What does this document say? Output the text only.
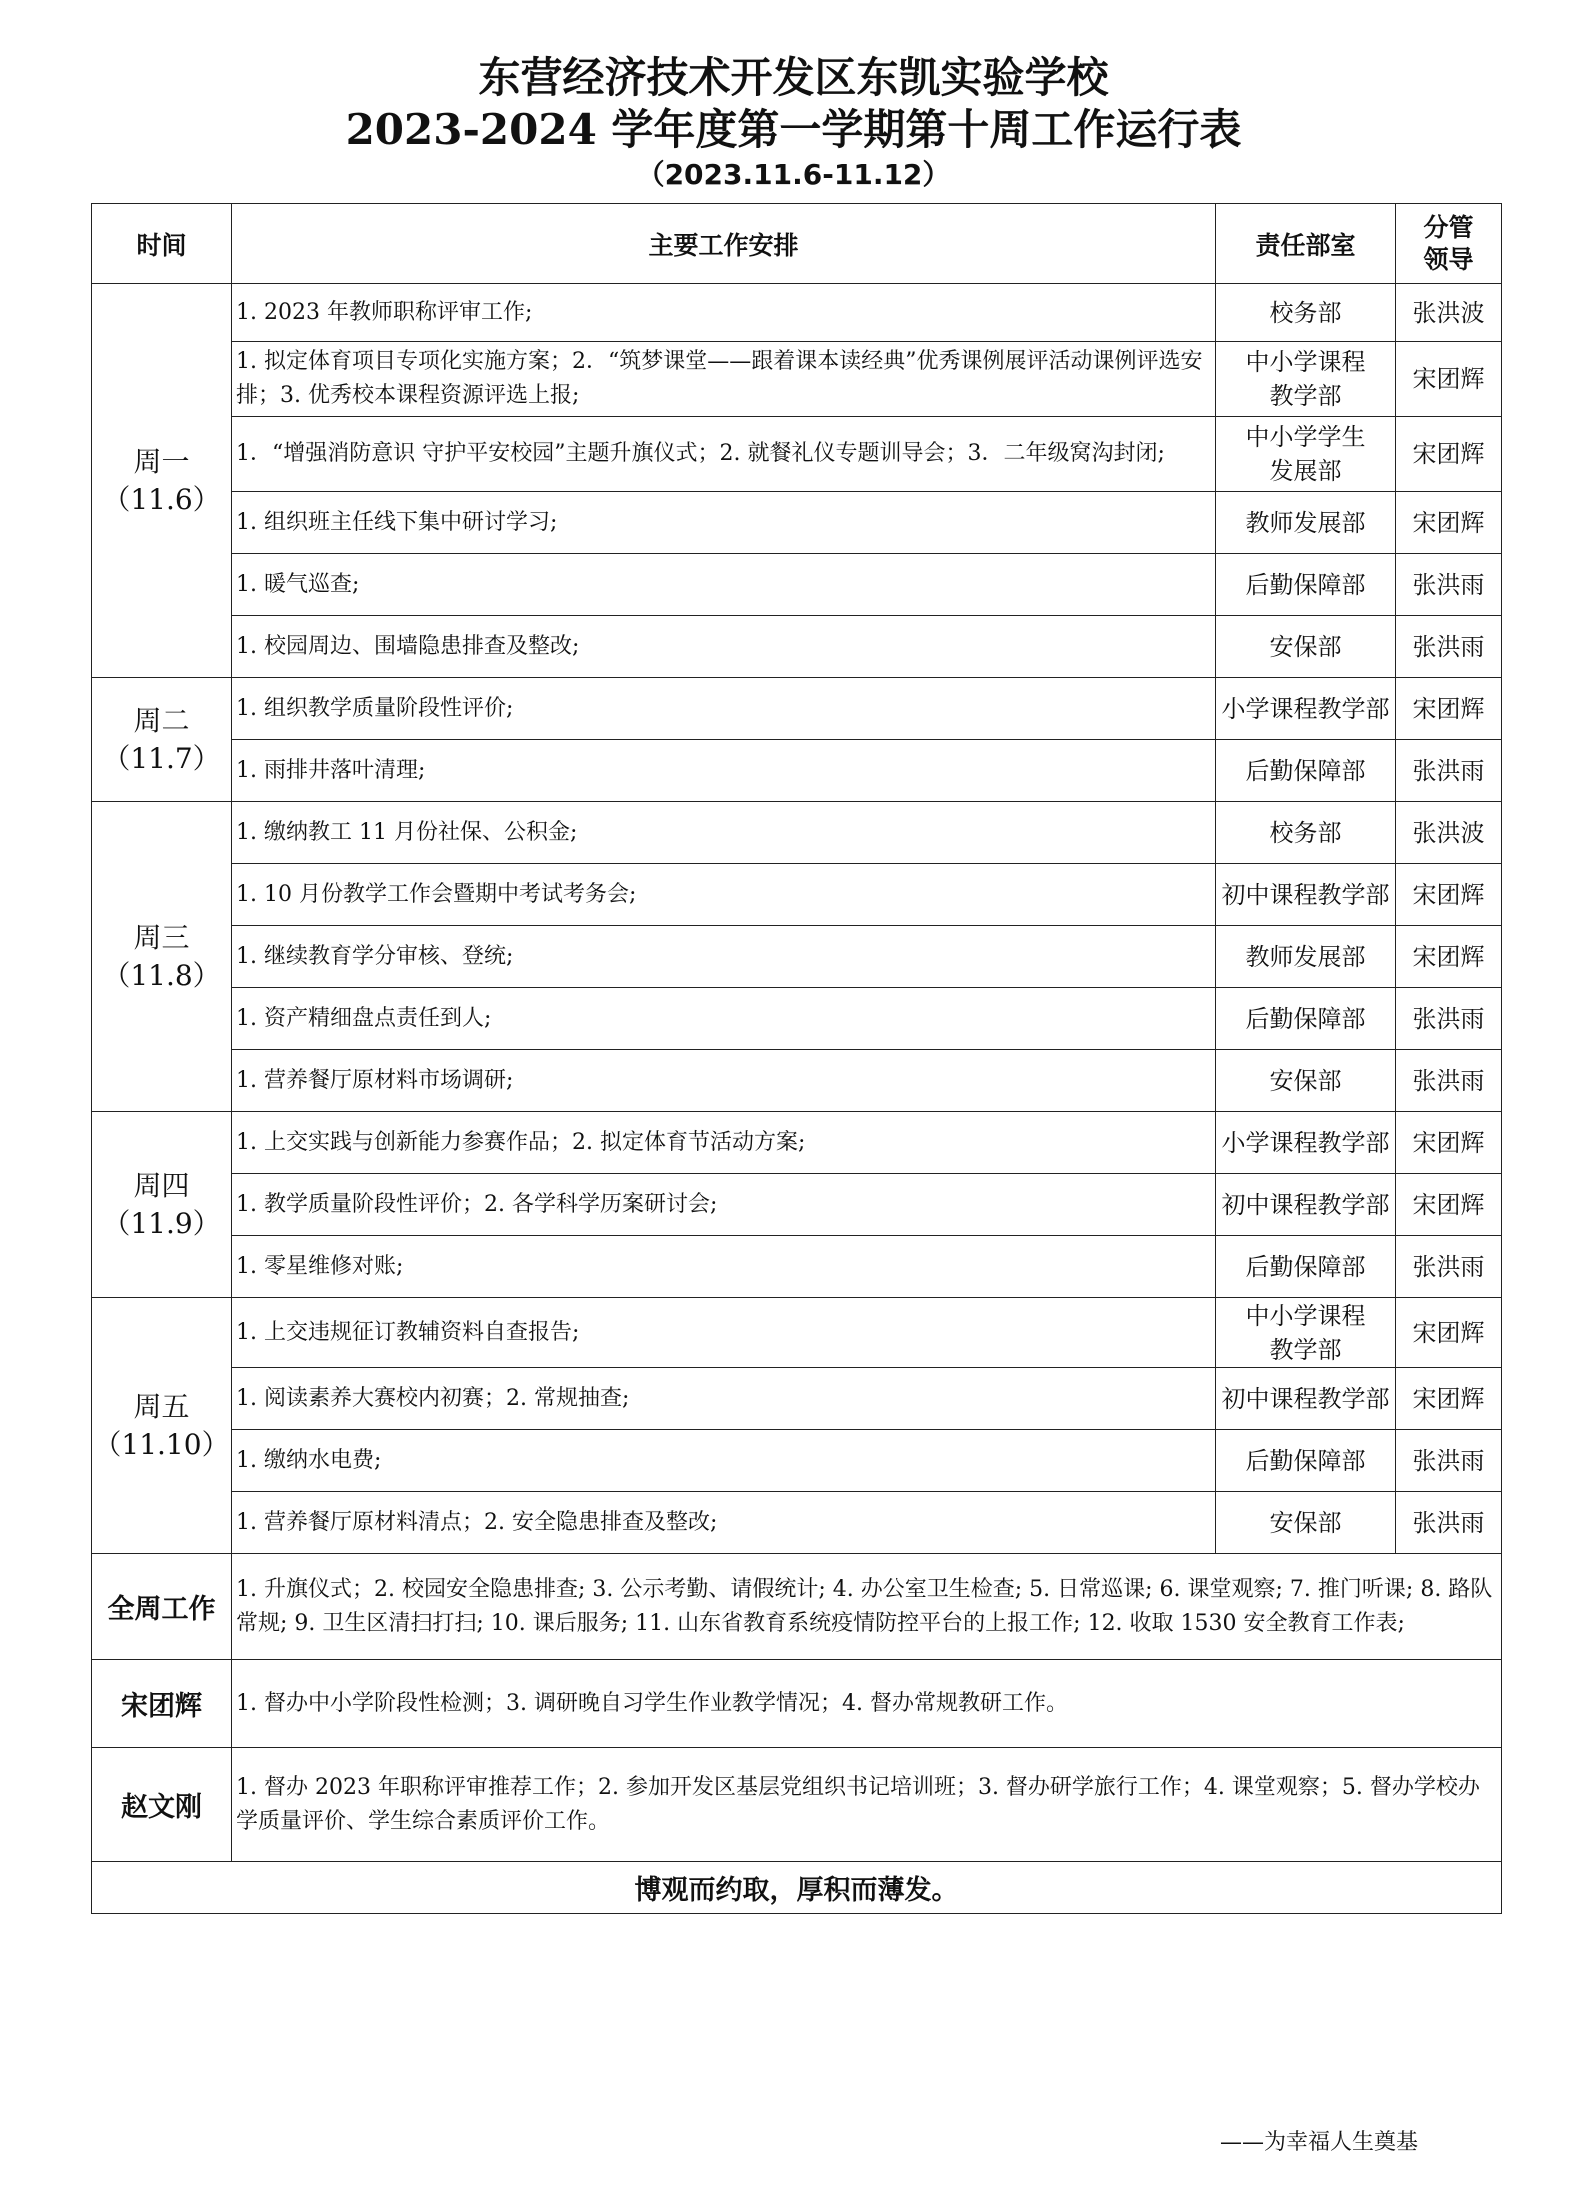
东营经济技术开发区东凯实验学校
2023-2024 学年度第一学期第十周工作运行表
（2023.11.6-11.12）
时间	主要工作安排	责任部室	分管
领导
周一
（11.6）	1. 2023 年教师职称评审工作;	校务部	张洪波
	1. 拟定体育项目专项化实施方案；2．“筑梦课堂——跟着课本读经典”优秀课例展评活动课例评选安排；3. 优秀校本课程资源评选上报;	中小学课程教学部	宋团辉
	1．“增强消防意识 守护平安校园”主题升旗仪式；2. 就餐礼仪专题训导会；3．二年级窝沟封闭;	中小学学生发展部	宋团辉
	1. 组织班主任线下集中研讨学习;	教师发展部	宋团辉
	1. 暖气巡查;	后勤保障部	张洪雨
	1. 校园周边、围墙隐患排查及整改;	安保部	张洪雨
周二
（11.7）	1. 组织教学质量阶段性评价;	小学课程教学部	宋团辉
	1. 雨排井落叶清理;	后勤保障部	张洪雨
周三
（11.8）	1. 缴纳教工 11 月份社保、公积金;	校务部	张洪波
	1. 10 月份教学工作会暨期中考试考务会;	初中课程教学部	宋团辉
	1. 继续教育学分审核、登统;	教师发展部	宋团辉
	1. 资产精细盘点责任到人;	后勤保障部	张洪雨
	1. 营养餐厅原材料市场调研;	安保部	张洪雨
周四
（11.9）	1. 上交实践与创新能力参赛作品；2. 拟定体育节活动方案;	小学课程教学部	宋团辉
	1. 教学质量阶段性评价；2. 各学科学历案研讨会;	初中课程教学部	宋团辉
	1. 零星维修对账;	后勤保障部	张洪雨
周五
（11.10）	1. 上交违规征订教辅资料自查报告;	中小学课程教学部	宋团辉
	1. 阅读素养大赛校内初赛；2. 常规抽查;	初中课程教学部	宋团辉
	1. 缴纳水电费;	后勤保障部	张洪雨
	1. 营养餐厅原材料清点；2. 安全隐患排查及整改;	安保部	张洪雨
全周工作	1. 升旗仪式；2. 校园安全隐患排查; 3. 公示考勤、请假统计; 4. 办公室卫生检查; 5. 日常巡课; 6. 课堂观察; 7. 推门听课; 8. 路队常规; 9. 卫生区清扫打扫; 10. 课后服务; 11. 山东省教育系统疫情防控平台的上报工作; 12. 收取 1530 安全教育工作表;		
宋团辉	1. 督办中小学阶段性检测；3. 调研晚自习学生作业教学情况；4. 督办常规教研工作。		
赵文刚	1. 督办 2023 年职称评审推荐工作；2. 参加开发区基层党组织书记培训班；3. 督办研学旅行工作；4. 课堂观察；5. 督办学校办学质量评价、学生综合素质评价工作。		
博观而约取，厚积而薄发。			
——为幸福人生奠基
